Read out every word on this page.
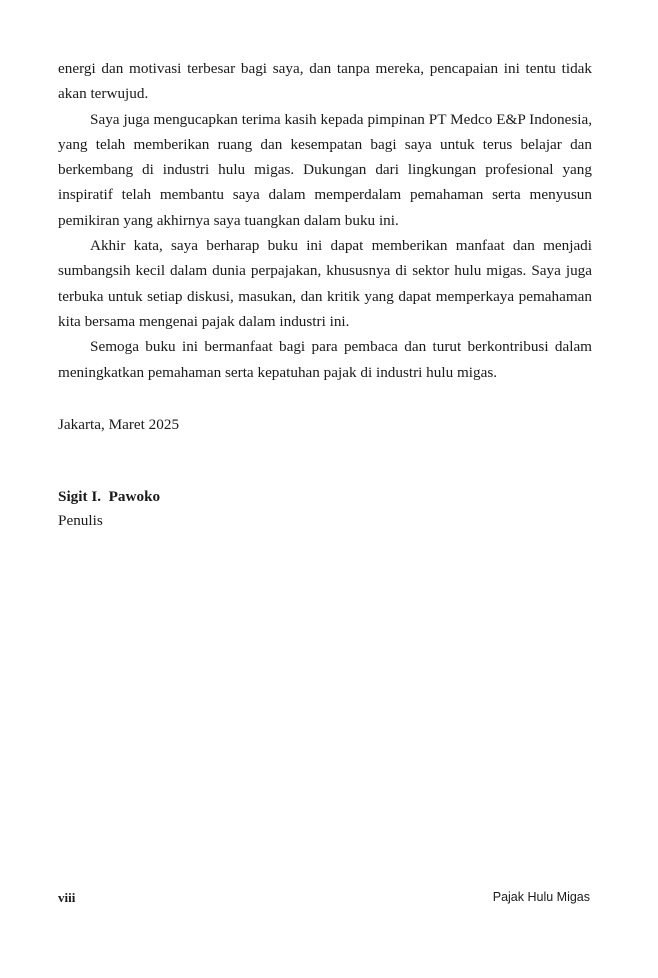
energi dan motivasi terbesar bagi saya, dan tanpa mereka, pencapaian ini tentu tidak akan terwujud.

Saya juga mengucapkan terima kasih kepada pimpinan PT Medco E&P Indonesia, yang telah memberikan ruang dan kesempatan bagi saya untuk terus belajar dan berkembang di industri hulu migas. Dukungan dari lingkungan profesional yang inspiratif telah membantu saya dalam memperdalam pemahaman serta menyusun pemikiran yang akhirnya saya tuangkan dalam buku ini.

Akhir kata, saya berharap buku ini dapat memberikan manfaat dan menjadi sumbangsih kecil dalam dunia perpajakan, khususnya di sektor hulu migas. Saya juga terbuka untuk setiap diskusi, masukan, dan kritik yang dapat memperkaya pemahaman kita bersama mengenai pajak dalam industri ini.

Semoga buku ini bermanfaat bagi para pembaca dan turut berkontribusi dalam meningkatkan pemahaman serta kepatuhan pajak di industri hulu migas.

Jakarta, Maret 2025
Sigit I.  Pawoko
Penulis
viii	Pajak Hulu Migas
